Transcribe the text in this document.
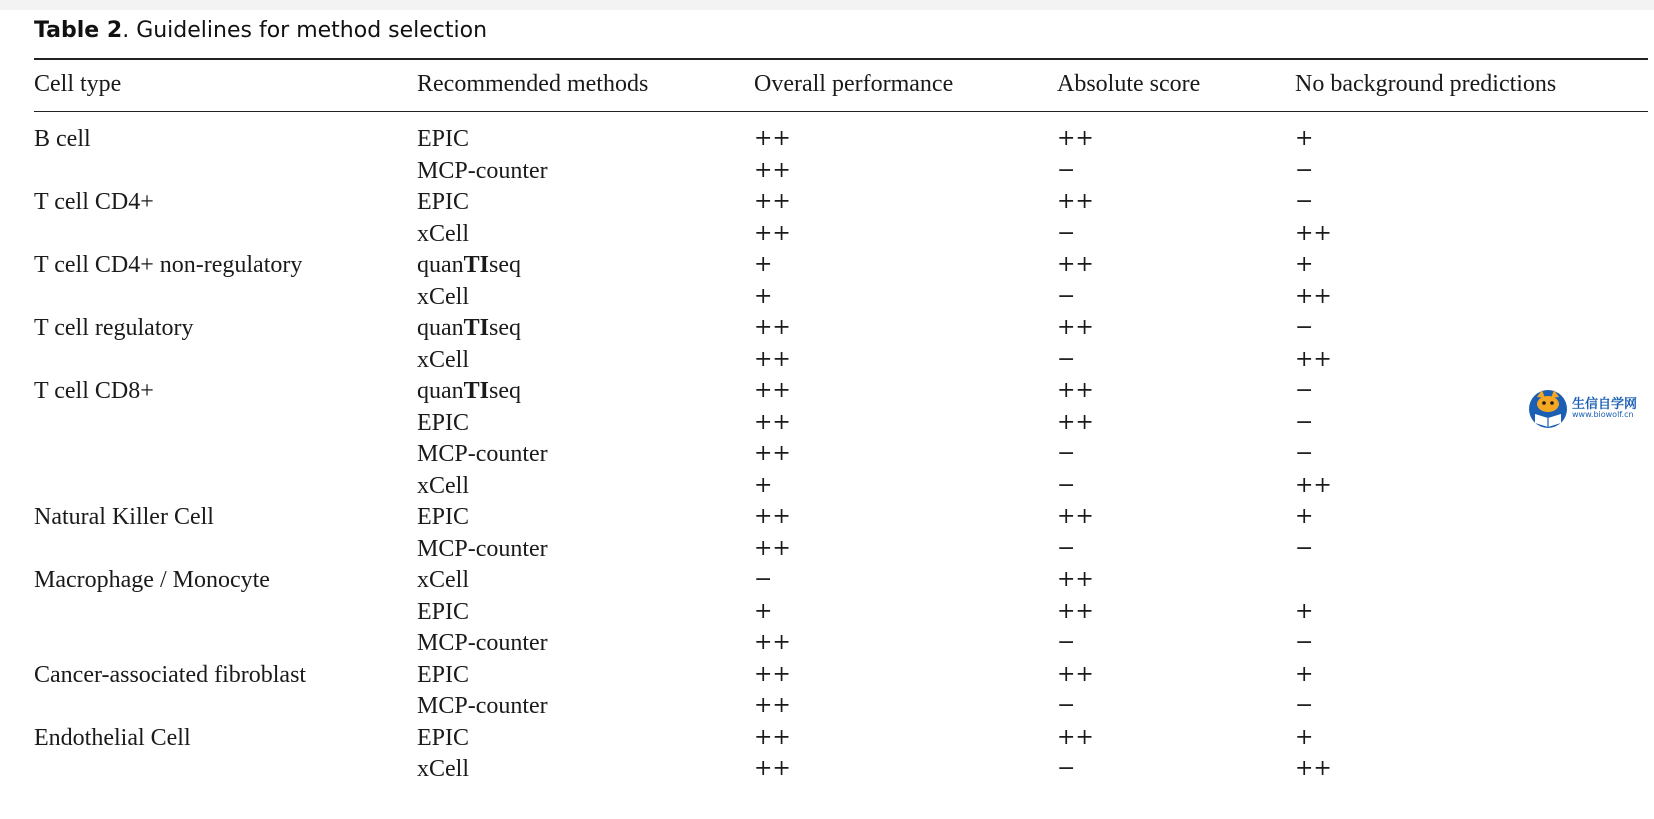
Table 2. Guidelines for method selection
Cell type	Recommended methods	Overall performance	Absolute score	No background predictions
B cell	EPIC	++	++	+
MCP-counter	++	−	−
T cell CD4+	EPIC	++	++	−
xCell	++	−	++
T cell CD4+ non-regulatory	quanTIseq	+	++	+
xCell	+	−	++
T cell regulatory	quanTIseq	++	++	−
xCell	++	−	++
T cell CD8+	quanTIseq	++	++	−
EPIC	++	++	−
MCP-counter	++	−	−
xCell	+	−	++
Natural Killer Cell	EPIC	++	++	+
MCP-counter	++	−	−
Macrophage / Monocyte	xCell	−	++
EPIC	+	++	+
MCP-counter	++	−	−
Cancer-associated fibroblast	EPIC	++	++	+
MCP-counter	++	−	−
Endothelial Cell	EPIC	++	++	+
xCell	++	−	++
生信自学网
www.biowolf.cn
